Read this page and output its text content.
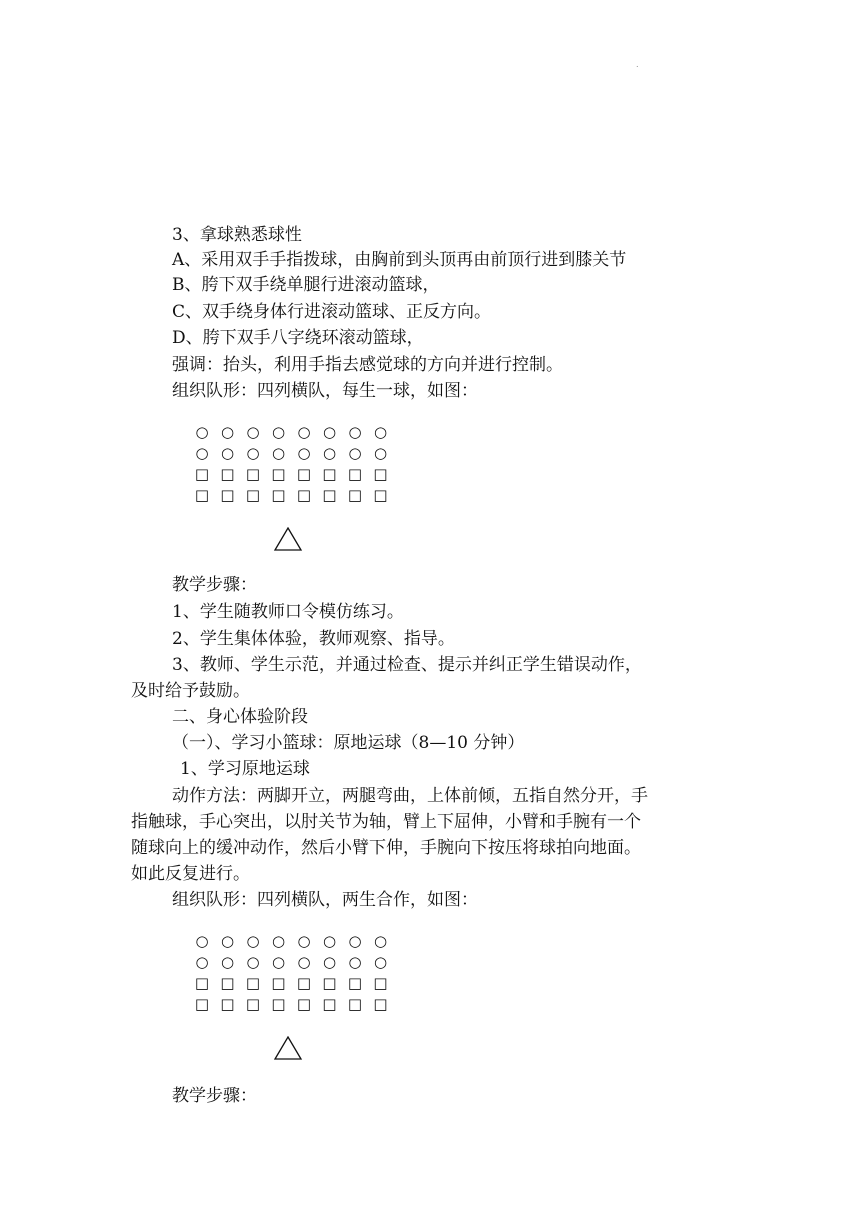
.
3、拿球熟悉球性
A、采用双手手指拨球，由胸前到头顶再由前顶行进到膝关节
B、胯下双手绕单腿行进滚动篮球，
C、双手绕身体行进滚动篮球、正反方向。
D、胯下双手八字绕环滚动篮球，
强调：抬头，利用手指去感觉球的方向并进行控制。
组织队形：四列横队，每生一球，如图：
○ ○ ○ ○ ○ ○ ○ ○
○ ○ ○ ○ ○ ○ ○ ○
□ □ □ □ □ □ □ □
□ □ □ □ □ □ □ □
教学步骤：
1、学生随教师口令模仿练习。
2、学生集体体验，教师观察、指导。
3、教师、学生示范，并通过检查、提示并纠正学生错误动作，
及时给予鼓励。
二、身心体验阶段
（一）、学习小篮球：原地运球（8—10 分钟）
1、学习原地运球
动作方法：两脚开立，两腿弯曲，上体前倾，五指自然分开，手
指触球，手心突出，以肘关节为轴，臂上下屈伸，小臂和手腕有一个
随球向上的缓冲动作，然后小臂下伸，手腕向下按压将球拍向地面。
如此反复进行。
组织队形：四列横队，两生合作，如图：
○ ○ ○ ○ ○ ○ ○ ○
○ ○ ○ ○ ○ ○ ○ ○
□ □ □ □ □ □ □ □
□ □ □ □ □ □ □ □
教学步骤：
